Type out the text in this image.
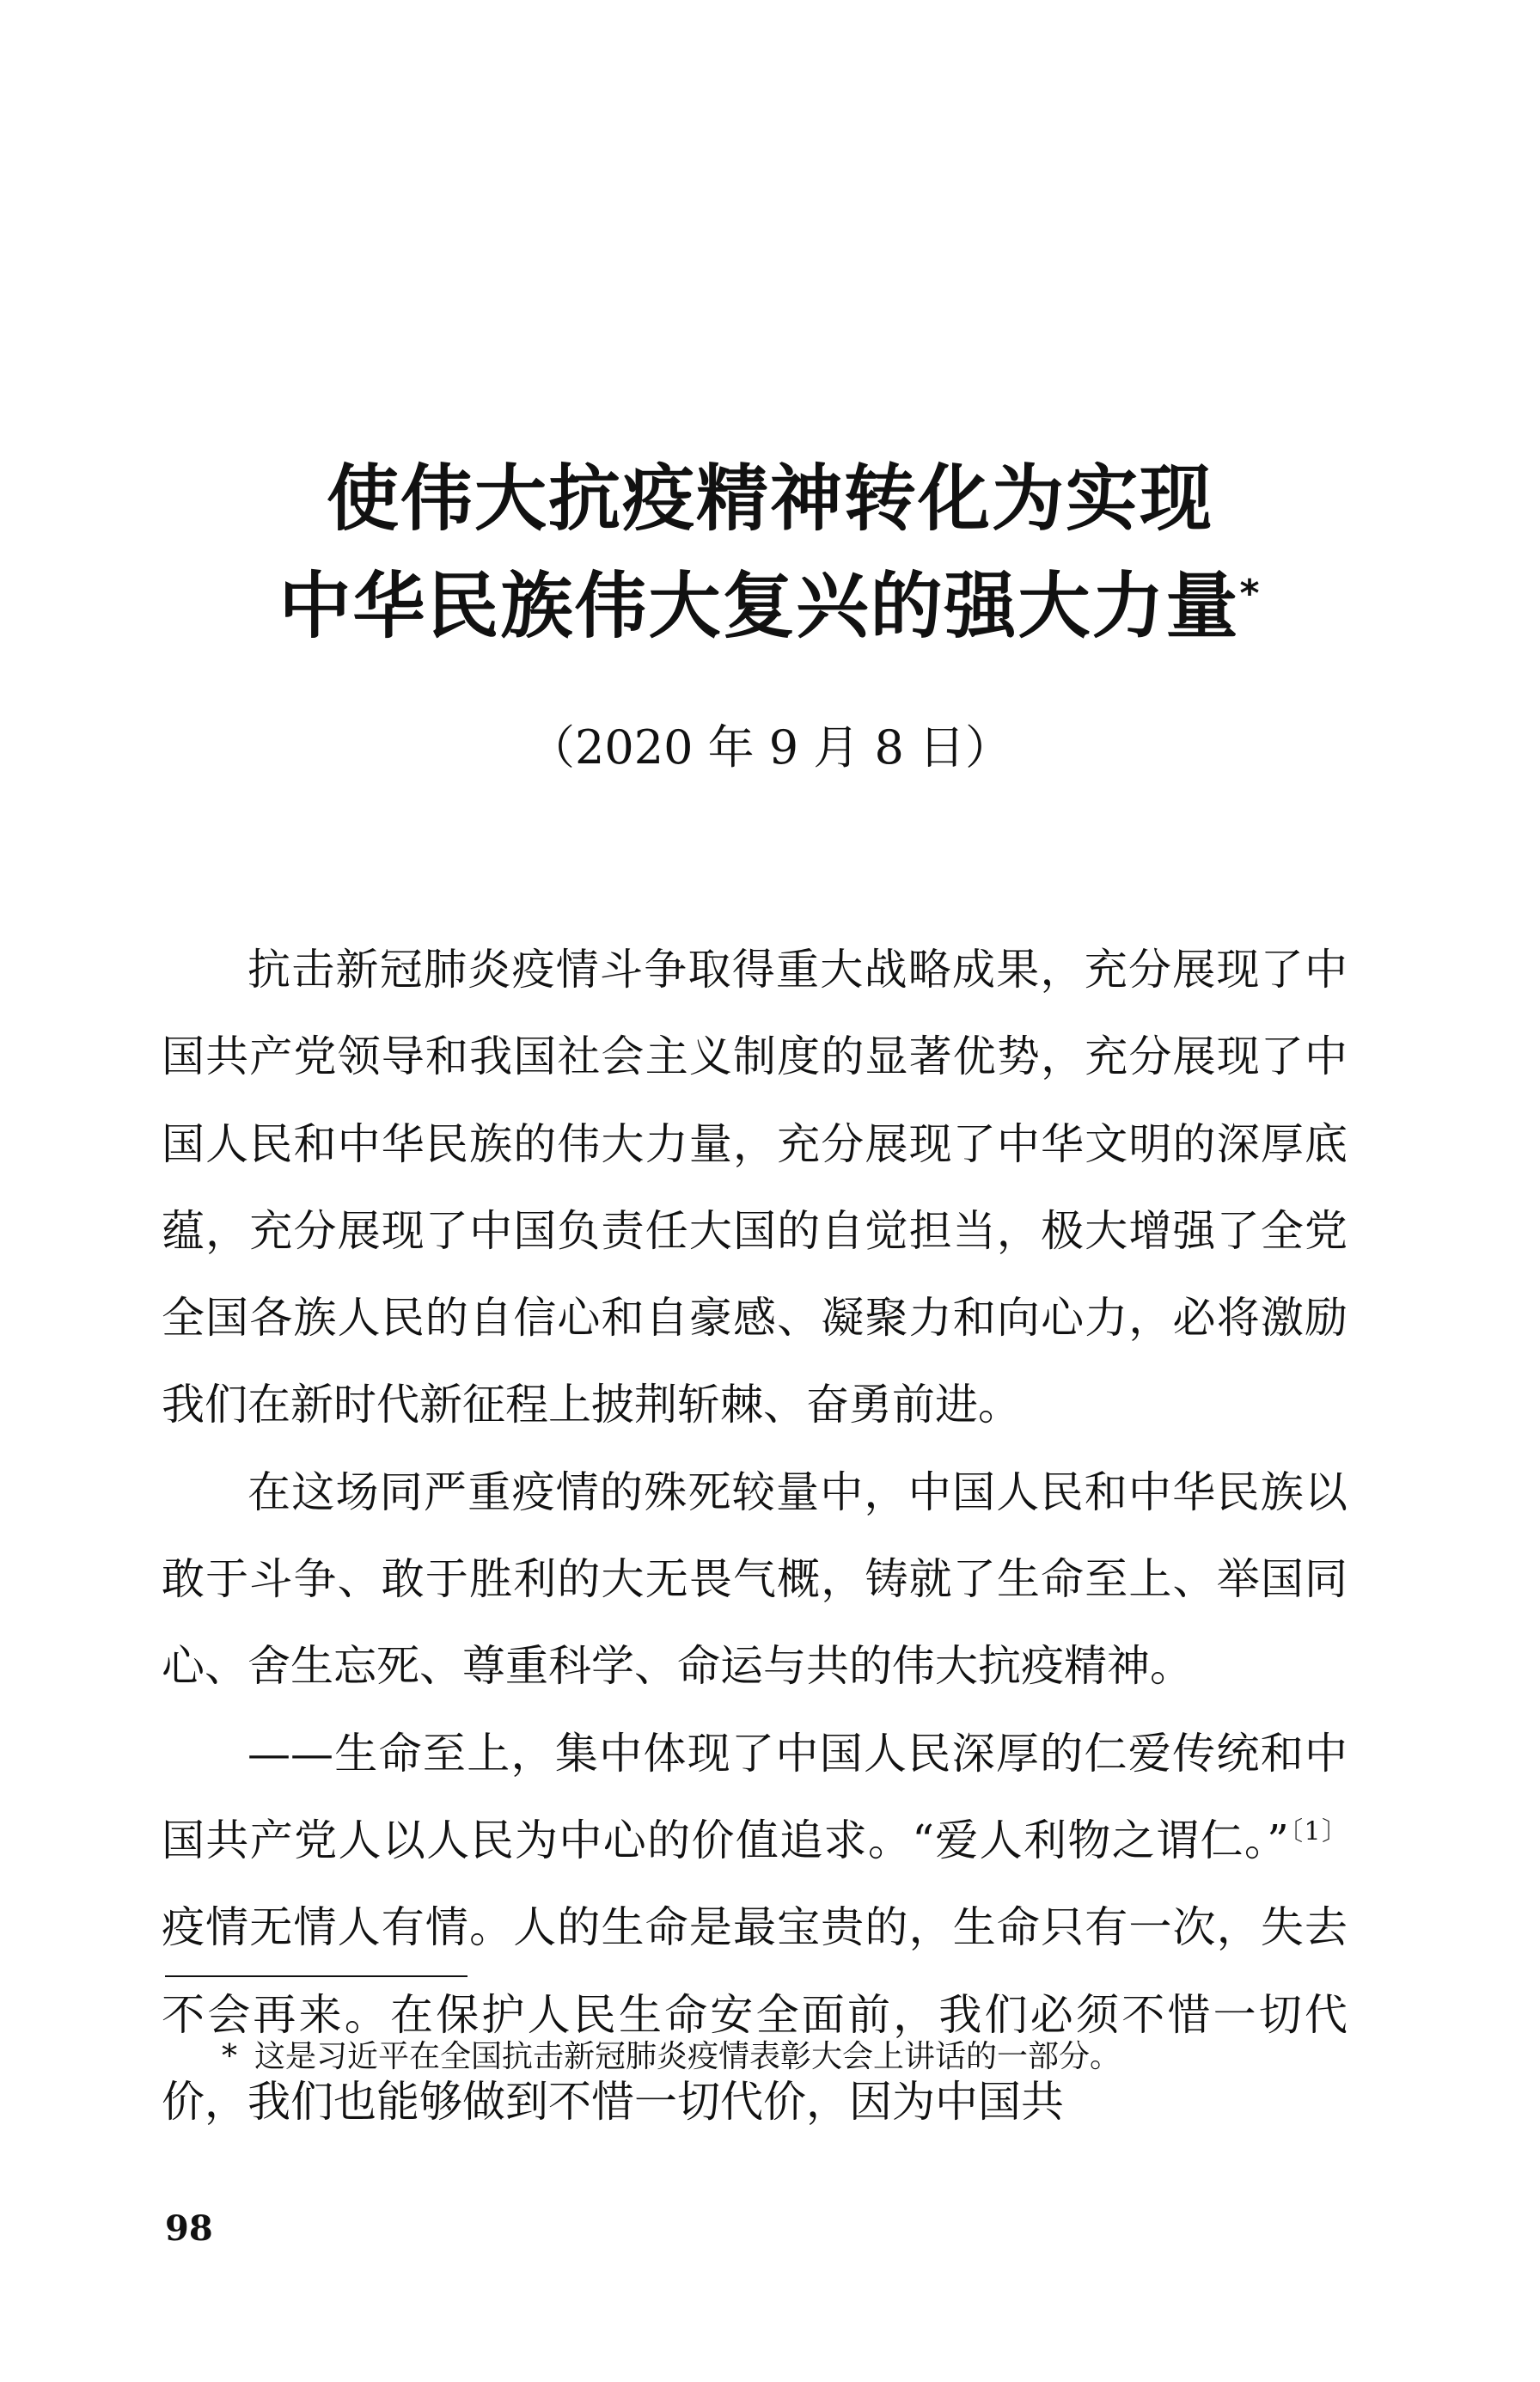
使伟大抗疫精神转化为实现
中华民族伟大复兴的强大力量*
（2020 年 9 月 8 日）

抗击新冠肺炎疫情斗争取得重大战略成果，充分展现了中国共产党领导和我国社会主义制度的显著优势，充分展现了中国人民和中华民族的伟大力量，充分展现了中华文明的深厚底蕴，充分展现了中国负责任大国的自觉担当，极大增强了全党全国各族人民的自信心和自豪感、凝聚力和向心力，必将激励我们在新时代新征程上披荆斩棘、奋勇前进。

在这场同严重疫情的殊死较量中，中国人民和中华民族以敢于斗争、敢于胜利的大无畏气概，铸就了生命至上、举国同心、舍生忘死、尊重科学、命运与共的伟大抗疫精神。

——生命至上，集中体现了中国人民深厚的仁爱传统和中国共产党人以人民为中心的价值追求。“爱人利物之谓仁。”$^{〔1〕}$疫情无情人有情。人的生命是最宝贵的，生命只有一次，失去不会再来。在保护人民生命安全面前，我们必须不惜一切代价，我们也能够做到不惜一切代价，因为中国共

* 这是习近平在全国抗击新冠肺炎疫情表彰大会上讲话的一部分。
98
